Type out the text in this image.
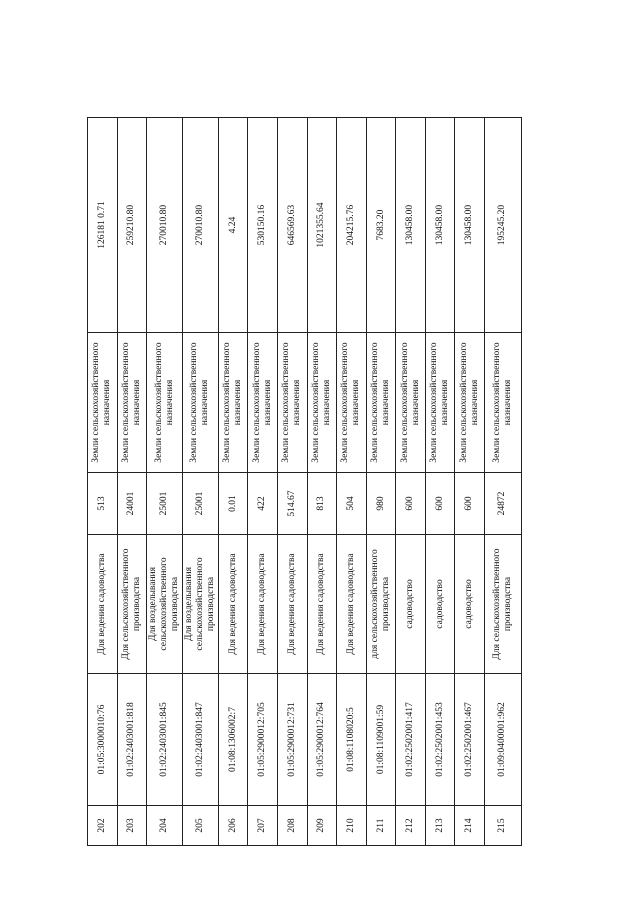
202	01:05:3000010:76	Для ведения садоводства	513	Земли сельскохозяйственного назначения	126181 0.71
203	01:02:2403001:818	Для сельскохозяйственного производства	24001	Земли сельскохозяйственного назначения	259210.80
204	01:02:2403001:845	Для возделывания сельскохозяйственного производства	25001	Земли сельскохозяйственного назначения	270010.80
205	01:02:2403001:847	Для возделывания сельскохозяйственного производства	25001	Земли сельскохозяйственного назначения	270010.80
206	01:08:1306002:7	Для ведения садоводства	0.01	Земли сельскохозяйственного назначения	4.24
207	01:05:2900012:705	Для ведения садоводства	422	Земли сельскохозяйственного назначения	530150.16
208	01:05:2900012:731	Для ведения садоводства	514.67	Земли сельскохозяйственного назначения	646569.63
209	01:05:2900012:764	Для ведения садоводства	813	Земли сельскохозяйственного назначения	1021355.64
210	01:08:1108020:5	Для ведения садоводства	504	Земли сельскохозяйственного назначения	204215.76
211	01:08:1109001:59	для сельскохозяйственного производства	980	Земли сельскохозяйственного назначения	7683.20
212	01:02:2502001:417	садоводство	600	Земли сельскохозяйственного назначения	130458.00
213	01:02:2502001:453	садоводство	600	Земли сельскохозяйственного назначения	130458.00
214	01:02:2502001:467	садоводство	600	Земли сельскохозяйственного назначения	130458.00
215	01:09:0400001:962	Для сельскохозяйственного производства	24872	Земли сельскохозяйственного назначения	195245.20
